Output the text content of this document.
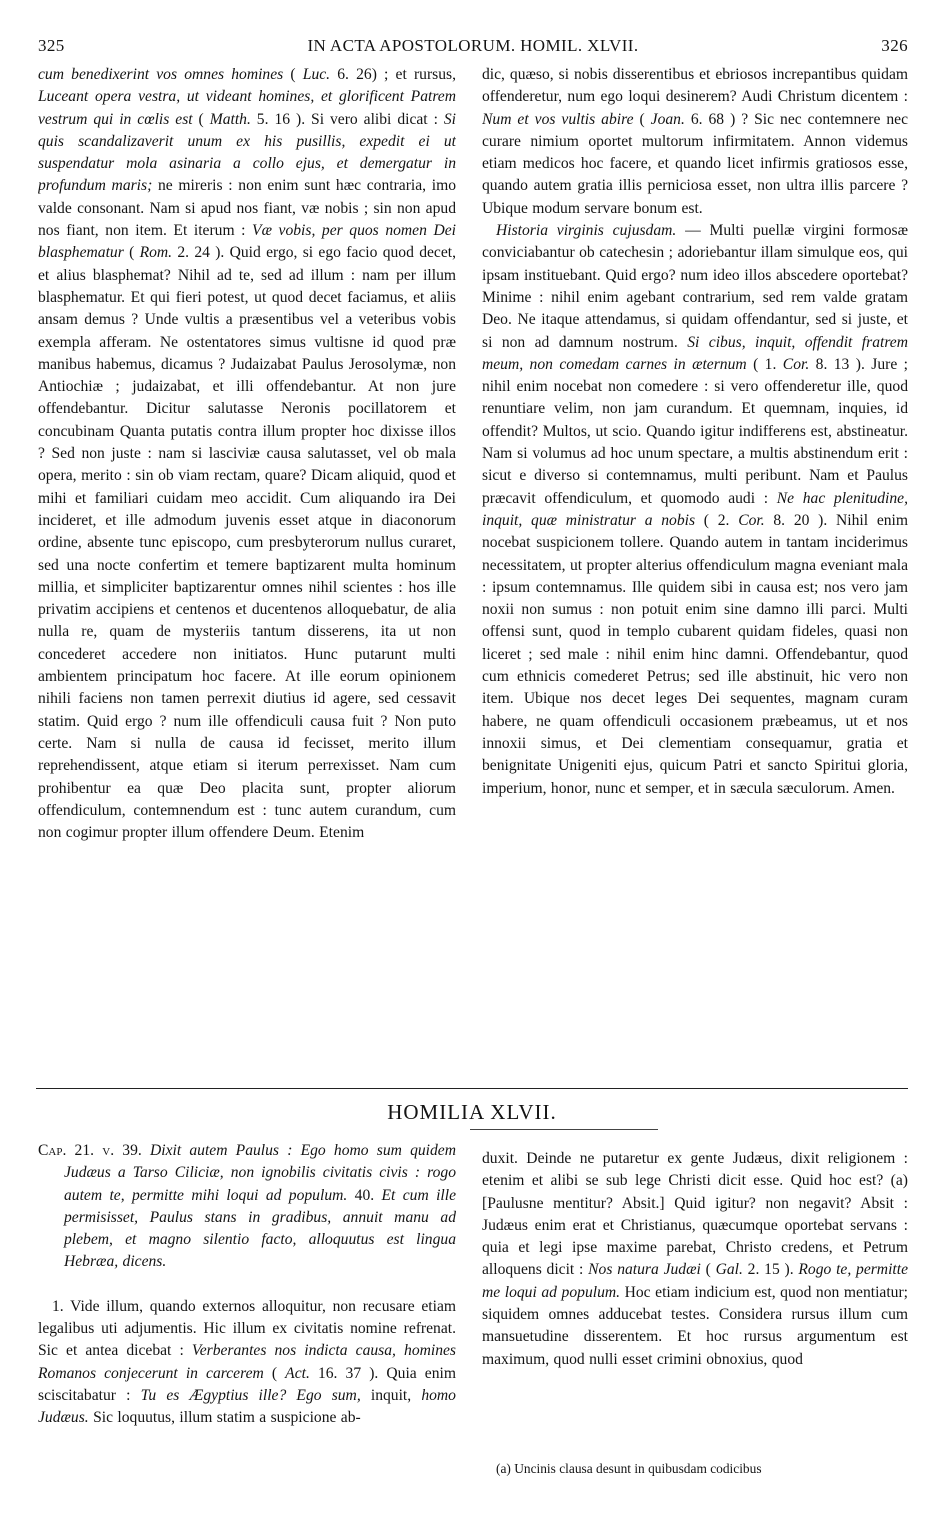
325	IN ACTA APOSTOLORUM. HOMIL. XLVII.	326

cum benedixerint vos omnes homines ( Luc. 6. 26) ; et rursus, Luceant opera vestra, ut videant homines, et glorificent Patrem vestrum qui in cœlis est ( Matth. 5. 16 ). Si vero alibi dicat : Si quis scandalizaverit unum ex his pusillis, expedit ei ut suspendatur mola asinaria a collo ejus, et demergatur in profundum maris; ne mireris : non enim sunt hæc contraria, imo valde consonant. Nam si apud nos fiant, væ nobis ; sin non apud nos fiant, non item. Et iterum : Væ vobis, per quos nomen Dei blasphematur ( Rom. 2. 24 ). Quid ergo, si ego facio quod decet, et alius blasphemat? Nihil ad te, sed ad illum : nam per illum blasphematur. Et qui fieri potest, ut quod decet faciamus, et aliis ansam demus ? Unde vultis a præsentibus vel a veteribus vobis exempla afferam. Ne ostentatores simus vultisne id quod præ manibus habemus, dicamus ? Judaizabat Paulus Jerosolymæ, non Antiochiæ ; judaizabat, et illi offendebantur. At non jure offendebantur. Dicitur salutasse Neronis pocillatorem et concubinam Quanta putatis contra illum propter hoc dixisse illos ? Sed non juste : nam si lasciviæ causa salutasset, vel ob mala opera, merito : sin ob viam rectam, quare? Dicam aliquid, quod et mihi et familiari cuidam meo accidit. Cum aliquando ira Dei incideret, et ille admodum juvenis esset atque in diaconorum ordine, absente tunc episcopo, cum presbyterorum nullus curaret, sed una nocte confertim et temere baptizarent multa hominum millia, et simpliciter baptizarentur omnes nihil scientes : hos ille privatim accipiens et centenos et ducentenos alloquebatur, de alia nulla re, quam de mysteriis tantum disserens, ita ut non concederet accedere non initiatos. Hunc putarunt multi ambientem principatum hoc facere. At ille eorum opinionem nihili faciens non tamen perrexit diutius id agere, sed cessavit statim. Quid ergo ? num ille offendiculi causa fuit ? Non puto certe. Nam si nulla de causa id fecisset, merito illum reprehendissent, atque etiam si iterum perrexisset. Nam cum prohibentur ea quæ Deo placita sunt, propter aliorum offendiculum, contemnendum est : tunc autem curandum, cum non cogimur propter illum offendere Deum. Etenim

dic, quæso, si nobis disserentibus et ebriosos increpantibus quidam offenderetur, num ego loqui desinerem? Audi Christum dicentem : Num et vos vultis abire ( Joan. 6. 68 ) ? Sic nec contemnere nec curare nimium oportet multorum infirmitatem. Annon videmus etiam medicos hoc facere, et quando licet infirmis gratiosos esse, quando autem gratia illis perniciosa esset, non ultra illis parcere ? Ubique modum servare bonum est.

Historia virginis cujusdam. — Multi puellæ virgini formosæ conviciabantur ob catechesin ; adoriebantur illam simulque eos, qui ipsam instituebant. Quid ergo? num ideo illos abscedere oportebat? Minime : nihil enim agebant contrarium, sed rem valde gratam Deo. Ne itaque attendamus, si quidam offendantur, sed si juste, et si non ad damnum nostrum. Si cibus, inquit, offendit fratrem meum, non comedam carnes in æternum ( 1. Cor. 8. 13 ). Jure ; nihil enim nocebat non comedere : si vero offenderetur ille, quod renuntiare velim, non jam curandum. Et quemnam, inquies, id offendit? Multos, ut scio. Quando igitur indifferens est, abstineatur. Nam si volumus ad hoc unum spectare, a multis abstinendum erit : sicut e diverso si contemnamus, multi peribunt. Nam et Paulus præcavit offendiculum, et quomodo audi : Ne hac plenitudine, inquit, quæ ministratur a nobis ( 2. Cor. 8. 20 ). Nihil enim nocebat suspicionem tollere. Quando autem in tantam inciderimus necessitatem, ut propter alterius offendiculum magna eveniant mala : ipsum contemnamus. Ille quidem sibi in causa est; nos vero jam noxii non sumus : non potuit enim sine damno illi parci. Multi offensi sunt, quod in templo cubarent quidam fideles, quasi non liceret ; sed male : nihil enim hinc damni. Offendebantur, quod cum ethnicis comederet Petrus; sed ille abstinuit, hic vero non item. Ubique nos decet leges Dei sequentes, magnam curam habere, ne quam offendiculi occasionem præbeamus, ut et nos innoxii simus, et Dei clementiam consequamur, gratia et benignitate Unigeniti ejus, quicum Patri et sancto Spiritui gloria, imperium, honor, nunc et semper, et in sæcula sæculorum. Amen.

HOMILIA XLVII.

Cap. 21. v. 39. Dixit autem Paulus : Ego homo sum quidem Judæus a Tarso Ciliciæ, non ignobilis civitatis civis : rogo autem te, permitte mihi loqui ad populum. 40. Et cum ille permisisset, Paulus stans in gradibus, annuit manu ad plebem, et magno silentio facto, alloquutus est lingua Hebræa, dicens.

1. Vide illum, quando externos alloquitur, non recusare etiam legalibus uti adjumentis. Hic illum ex civitatis nomine refrenat. Sic et antea dicebat : Verberantes nos indicta causa, homines Romanos conjecerunt in carcerem ( Act. 16. 37 ). Quia enim sciscitabatur : Tu es Ægyptius ille? Ego sum, inquit, homo Judæus. Sic loquutus, illum statim a suspicione ab-

duxit. Deinde ne putaretur ex gente Judæus, dixit religionem : etenim et alibi se sub lege Christi dicit esse. Quid hoc est? (a) [Paulusne mentitur? Absit.] Quid igitur? non negavit? Absit : Judæus enim erat et Christianus, quæcumque oportebat servans : quia et legi ipse maxime parebat, Christo credens, et Petrum alloquens dicit : Nos natura Judæi ( Gal. 2. 15 ). Rogo te, permitte me loqui ad populum. Hoc etiam indicium est, quod non mentiatur; siquidem omnes adducebat testes. Considera rursus illum cum mansuetudine disserentem. Et hoc rursus argumentum est maximum, quod nulli esset crimini obnoxius, quod

(a) Uncinis clausa desunt in quibusdam codicibus
